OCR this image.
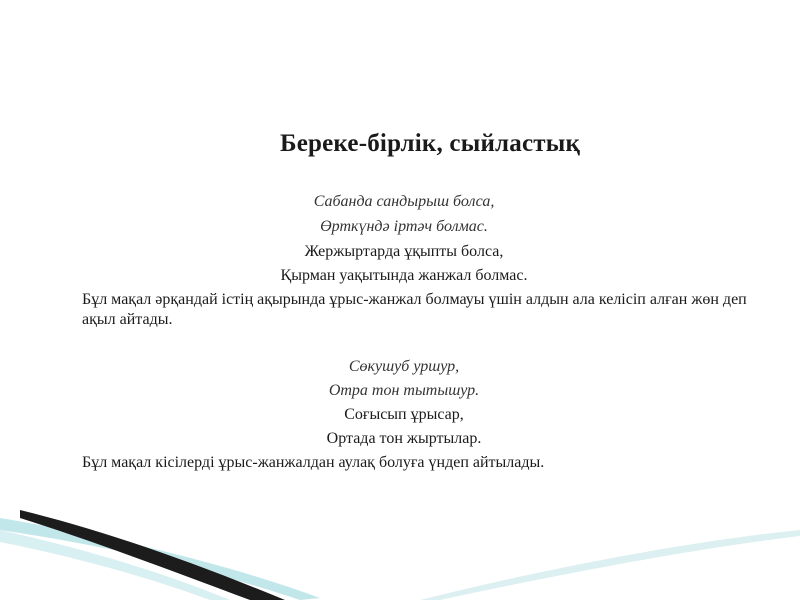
Береке-бірлік, сыйластық
Сабанда сандырыш болса,
Өрткүндә іртәч болмас.
Жержыртарда ұқыпты болса,
Қырман уақытында жанжал болмас.
Бұл мақал әрқандай істің ақырында ұрыс-жанжал болмауы үшін алдын ала келісіп алған жөн деп ақыл айтады.
Сөкушуб уршур,
Отра тон тытышур.
Соғысып ұрысар,
Ортада тон жыртылар.
Бұл мақал кісілерді ұрыс-жанжалдан аулақ болуға үндеп айтылады.
